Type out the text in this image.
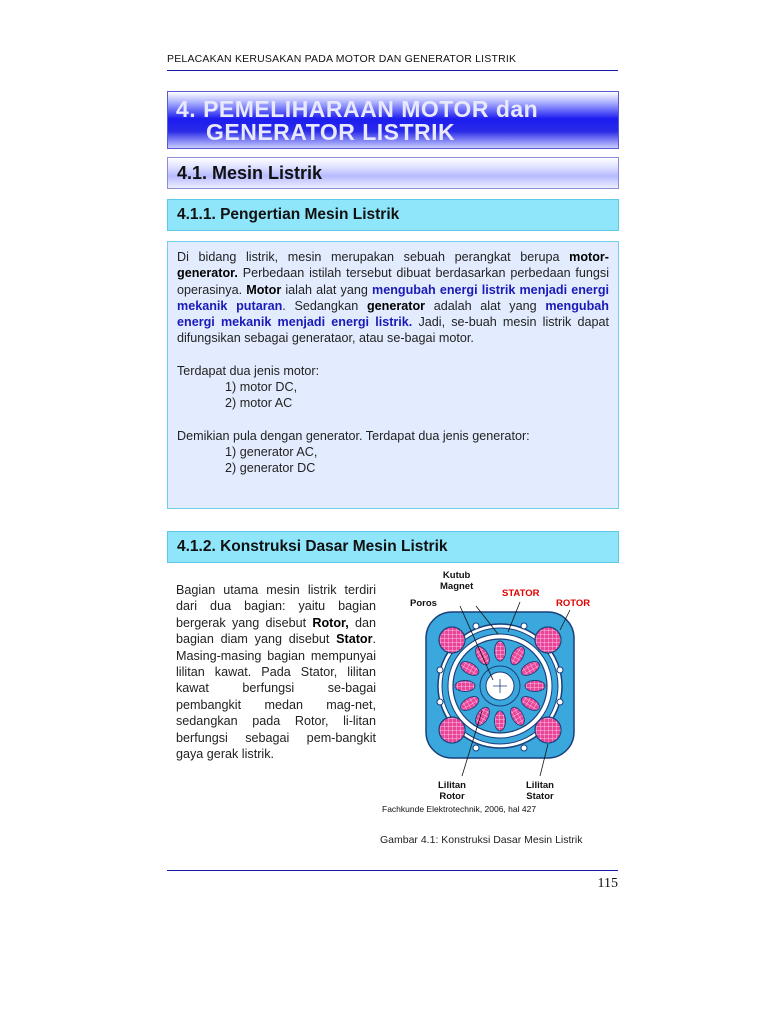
PELACAKAN KERUSAKAN PADA MOTOR DAN GENERATOR LISTRIK
4. PEMELIHARAAN MOTOR dan
GENERATOR LISTRIK
4.1. Mesin Listrik
4.1.1. Pengertian Mesin Listrik

Di bidang listrik, mesin merupakan sebuah perangkat berupa motor-generator. Perbedaan istilah tersebut dibuat berdasarkan perbedaan fungsi operasinya. Motor ialah alat yang mengubah energi listrik menjadi energi mekanik putaran. Sedangkan generator adalah alat yang mengubah energi mekanik menjadi energi listrik. Jadi, se-buah mesin listrik dapat difungsikan sebagai generataor, atau se-bagai motor.

Terdapat dua jenis motor:

1) motor DC,

2) motor AC

Demikian pula dengan generator. Terdapat dua jenis generator:

1) generator AC,

2) generator DC

4.1.2. Konstruksi Dasar Mesin Listrik

Bagian utama mesin listrik terdiri dari dua bagian: yaitu bagian bergerak yang disebut Rotor, dan bagian diam yang disebut Stator. Masing-masing bagian mempunyai lilitan kawat. Pada Stator, lilitan kawat berfungsi se-bagai pembangkit medan mag-net, sedangkan pada Rotor, li-litan berfungsi sebagai pem-bangkit gaya gerak listrik.

Kutub
Magnet
Poros
STATOR
ROTOR
Lilitan
Rotor
Lilitan
Stator
Fachkunde Elektrotechnik, 2006, hal 427
Gambar 4.1: Konstruksi Dasar Mesin Listrik
115
